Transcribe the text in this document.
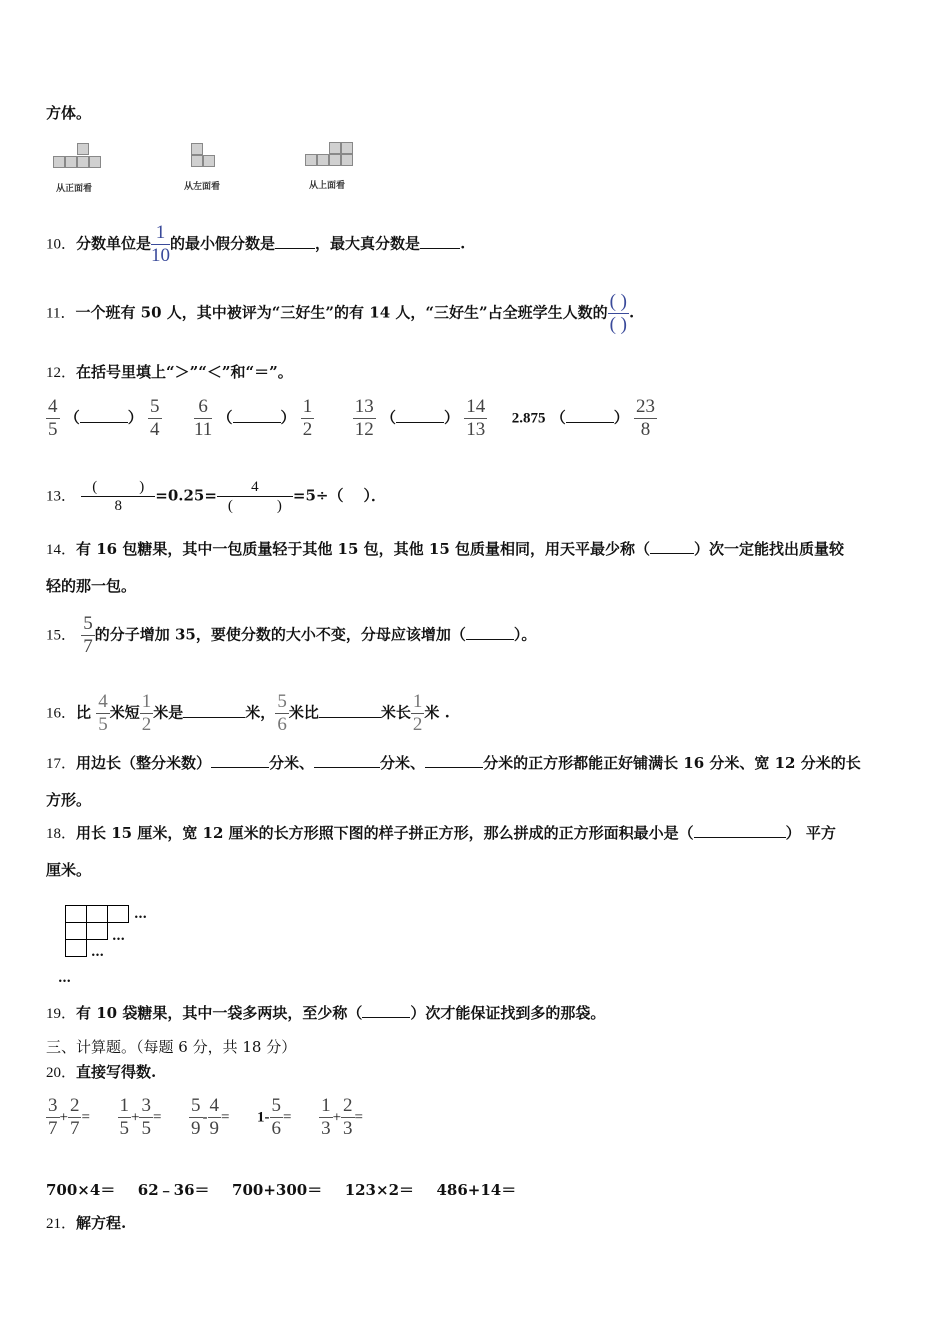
方体。
从正面看	从左面看	从上面看
10．分数单位是 $\frac{1}{10}$ 的最小假分数是	，最大真分数是	.
11．一个班有 50 人，其中被评为“三好生”的有 14 人，“三好生”占全班学生人数的
( )
( )
.
12．在括号里填上“＞”“＜”和“＝”。
$\frac{4}{5}$ （	） $\frac{5}{4}$
$\frac{6}{11}$ （	） $\frac{1}{2}$
$\frac{13}{12}$ （	） $\frac{14}{13} 2.875$ （	） $\frac{23}{8}$
13．
(	)
8
=0.25=	4
(	)
=5÷（ ）．
14．有 16 包糖果，其中一包质量轻于其他 15 包，其他 15 包质量相同，用天平最少称（	）次一定能找出质量较
轻的那一包。
15． $\frac{5}{7}$ 的分子增加 35，要使分数的大小不变，分母应该增加（	）。
16．比 $\frac{4}{5}$ 米短 $\frac{1}{2}$ 米是	米， $\frac{5}{6}$ 米比	米长 $\frac{1}{2}$ 米 .
17．用边长（整分米数）	分米、	分米、	分米的正方形都能正好铺满长 16 分米、宽 12 分米的长
方形。
18．用长 15 厘米，宽 12 厘米的长方形照下图的样子拼正方形，那么拼成的正方形面积最小是（	） 平方
厘米。
…
…
…
…
19．有 10 袋糖果，其中一袋多两块，至少称（	）次才能保证找到多的那袋。
三、计算题。（每题 6 分，共 18 分）
20．直接写得数.
$\frac{3}{7} + \frac{2}{7} = \frac{1}{5} + \frac{3}{5} = \frac{5}{9} - \frac{4}{9} = 1- \frac{5}{6} = \frac{1}{3} + \frac{2}{3}$ =
700×4＝ 62﹣36＝ 700+300＝ 123×2＝ 486+14＝
21．解方程.
